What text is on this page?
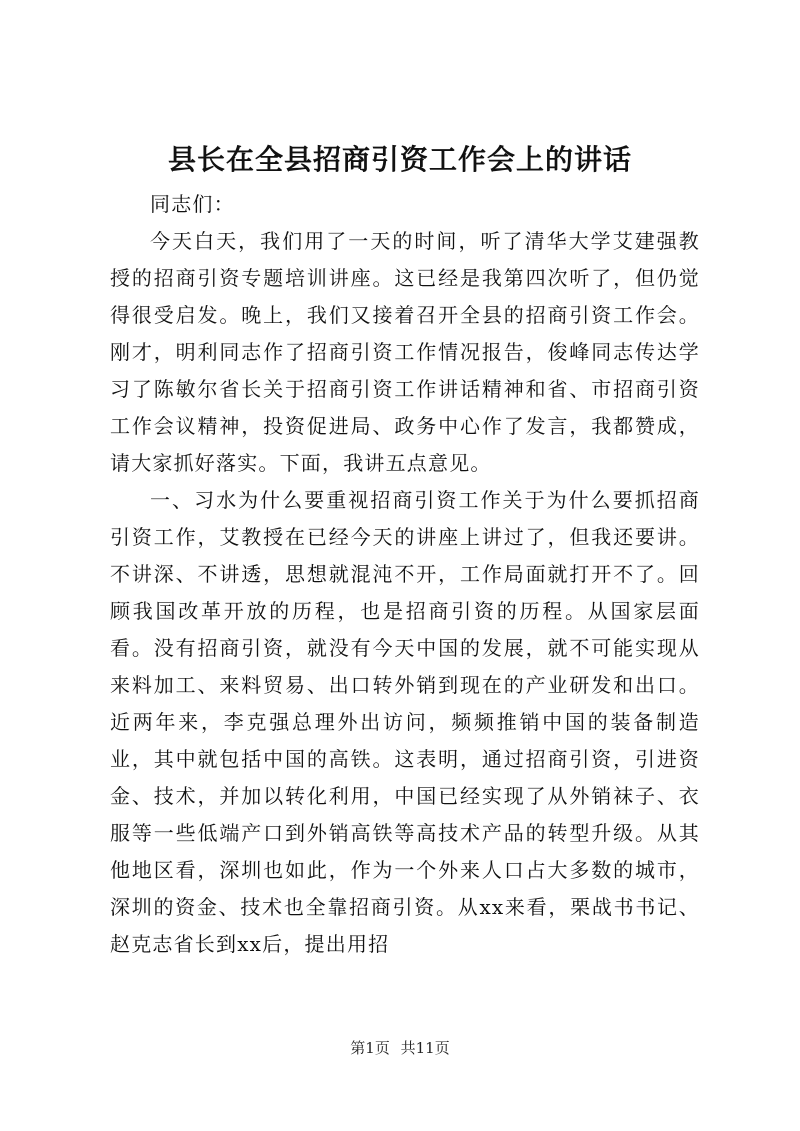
县长在全县招商引资工作会上的讲话

同志们：

今天白天，我们用了一天的时间，听了清华大学艾建强教授的招商引资专题培训讲座。这已经是我第四次听了，但仍觉得很受启发。晚上，我们又接着召开全县的招商引资工作会。刚才，明利同志作了招商引资工作情况报告，俊峰同志传达学习了陈敏尔省长关于招商引资工作讲话精神和省、市招商引资工作会议精神，投资促进局、政务中心作了发言，我都赞成，请大家抓好落实。下面，我讲五点意见。

一、习水为什么要重视招商引资工作关于为什么要抓招商引资工作，艾教授在已经今天的讲座上讲过了，但我还要讲。不讲深、不讲透，思想就混沌不开，工作局面就打开不了。回顾我国改革开放的历程，也是招商引资的历程。从国家层面看。没有招商引资，就没有今天中国的发展，就不可能实现从来料加工、来料贸易、出口转外销到现在的产业研发和出口。近两年来，李克强总理外出访问，频频推销中国的装备制造业，其中就包括中国的高铁。这表明，通过招商引资，引进资金、技术，并加以转化利用，中国已经实现了从外销袜子、衣服等一些低端产口到外销高铁等高技术产品的转型升级。从其他地区看，深圳也如此，作为一个外来人口占大多数的城市，深圳的资金、技术也全靠招商引资。从xx来看，栗战书书记、赵克志省长到xx后，提出用招

第1页 共11页
